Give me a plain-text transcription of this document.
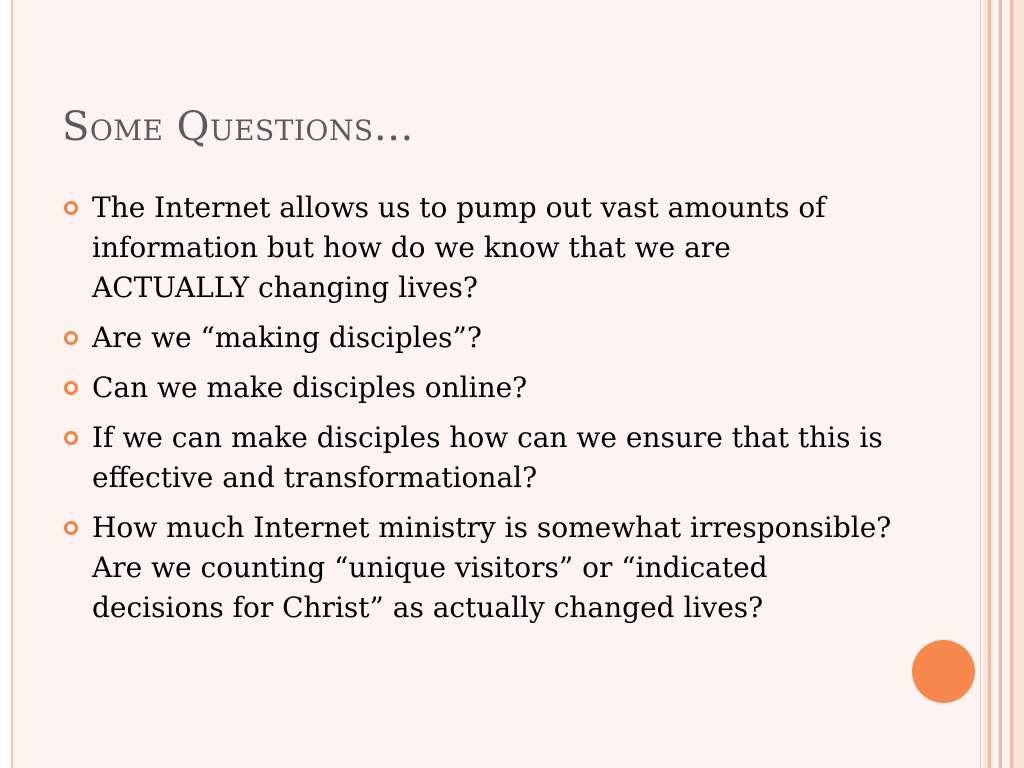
Some Questions…
The Internet allows us to pump out vast amounts of information but how do we know that we are ACTUALLY changing lives?
Are we “making disciples”?
Can we make disciples online?
If we can make disciples how can we ensure that this is effective and transformational?
How much Internet ministry is somewhat irresponsible? Are we counting “unique visitors” or “indicated decisions for Christ” as actually changed lives?
